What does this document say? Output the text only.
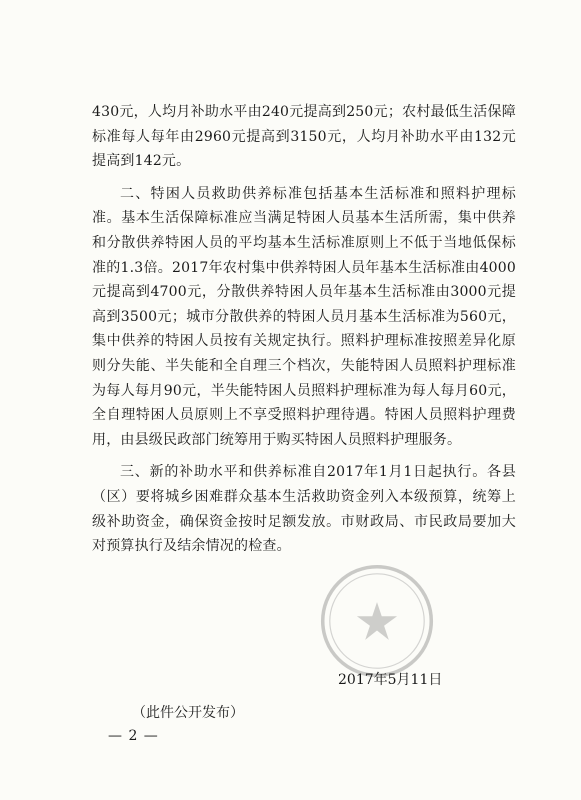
430元，人均月补助水平由240元提高到250元；农村最低生活保障标准每人每年由2960元提高到3150元，人均月补助水平由132元提高到142元。

二、特困人员救助供养标准包括基本生活标准和照料护理标准。基本生活保障标准应当满足特困人员基本生活所需，集中供养和分散供养特困人员的平均基本生活标准原则上不低于当地低保标准的1.3倍。2017年农村集中供养特困人员年基本生活标准由4000元提高到4700元，分散供养特困人员年基本生活标准由3000元提高到3500元；城市分散供养的特困人员月基本生活标准为560元，集中供养的特困人员按有关规定执行。照料护理标准按照差异化原则分失能、半失能和全自理三个档次，失能特困人员照料护理标准为每人每月90元，半失能特困人员照料护理标准为每人每月60元，全自理特困人员原则上不享受照料护理待遇。特困人员照料护理费用，由县级民政部门统筹用于购买特困人员照料护理服务。

三、新的补助水平和供养标准自2017年1月1日起执行。各县（区）要将城乡困难群众基本生活救助资金列入本级预算，统筹上级补助资金，确保资金按时足额发放。市财政局、市民政局要加大对预算执行及结余情况的检查。

2017年5月11日
（此件公开发布）
— 2 —
